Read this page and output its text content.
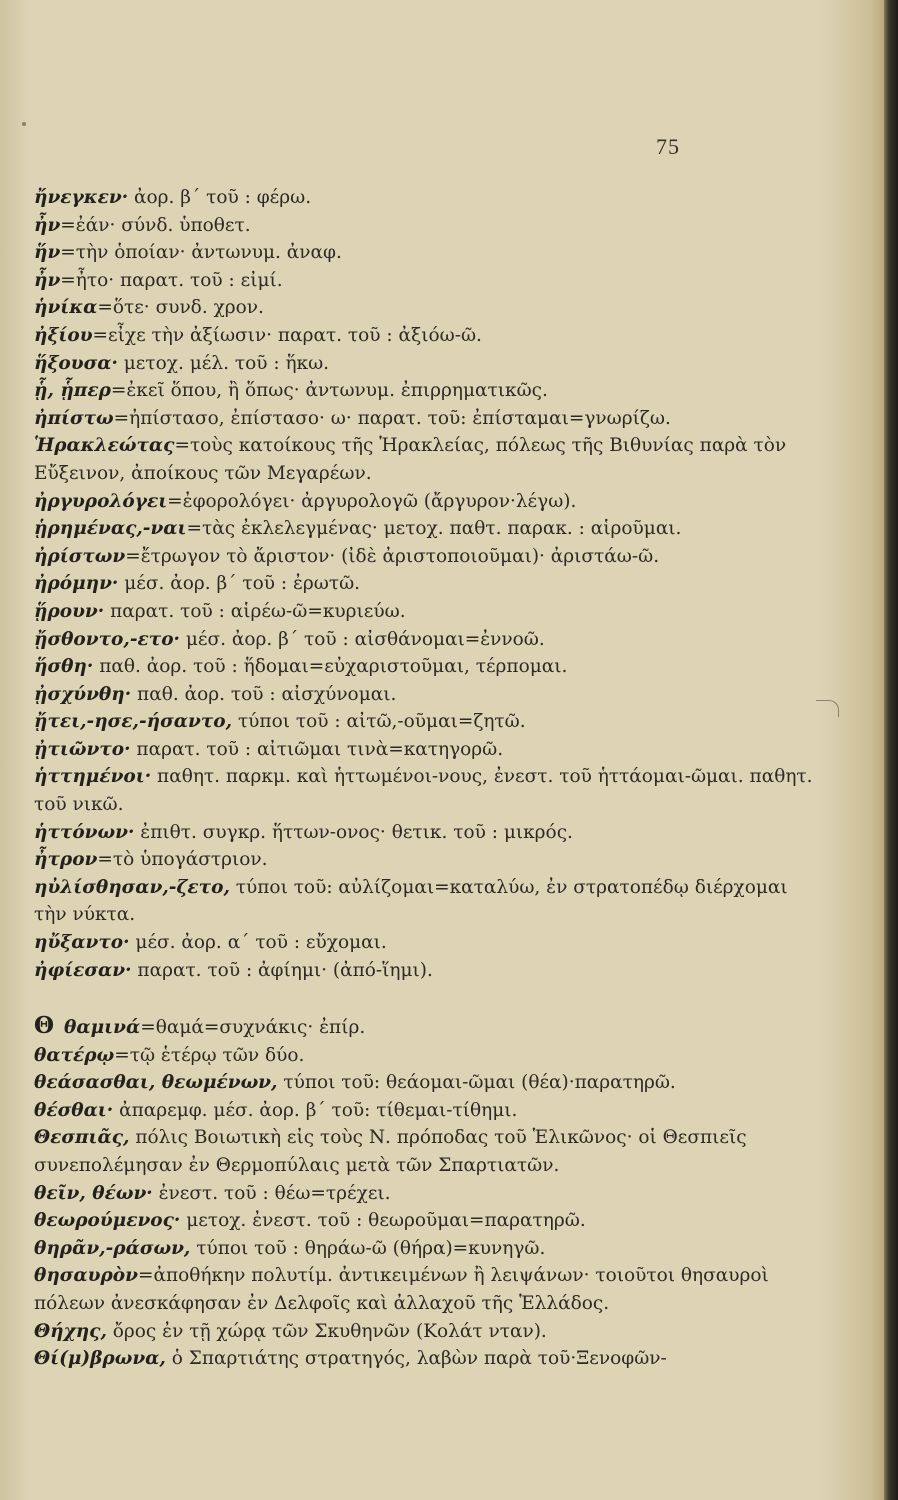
75
ἤνεγκεν· ἀορ. β΄ τοῦ : φέρω.
ἦν=ἐάν· σύνδ. ὑποθετ.
ἥν=τὴν ὁποίαν· ἀντωνυμ. ἀναφ.
ἦν=ἦτο· παρατ. τοῦ : εἰμί.
ἡνίκα=ὅτε· συνδ. χρον.
ἠξίου=εἶχε τὴν ἀξίωσιν· παρατ. τοῦ : ἀξιόω-ῶ.
ἥξουσα· μετοχ. μέλ. τοῦ : ἥκω.
ᾗ, ᾗπερ=ἐκεῖ ὅπου, ἢ ὅπως· ἀντωνυμ. ἐπιρρηματικῶς.
ἠπίστω=ἠπίστασο, ἐπίστασο· ω· παρατ. τοῦ: ἐπίσταμαι=γνωρίζω.
Ἡρακλεώτας=τοὺς κατοίκους τῆς Ἡρακλείας, πόλεως τῆς Βιθυνίας παρὰ τὸν Εὔξεινον, ἀποίκους τῶν Μεγαρέων.
ἠργυρολόγει=ἐφορολόγει· ἀργυρολογῶ (ἄργυρον·λέγω).
ᾑρημένας,-ναι=τὰς ἐκλελεγμένας· μετοχ. παθτ. παρακ. : αἱροῦμαι.
ἠρίστων=ἔτρωγον τὸ ἄριστον· (ἰδὲ ἀριστοποιοῦμαι)· ἀριστάω-ῶ.
ἠρόμην· μέσ. ἀορ. β΄ τοῦ : ἐρωτῶ.
ᾕρουν· παρατ. τοῦ : αἱρέω-ῶ=κυριεύω.
ᾔσθοντο,-ετο· μέσ. ἀορ. β΄ τοῦ : αἰσθάνομαι=ἐννοῶ.
ἥσθη· παθ. ἀορ. τοῦ : ἥδομαι=εὐχαριστοῦμαι, τέρπομαι.
ᾐσχύνθη· παθ. ἀορ. τοῦ : αἰσχύνομαι.
ᾔτει,-ησε,-ήσαντο, τύποι τοῦ : αἰτῶ,-οῦμαι=ζητῶ.
ᾐτιῶντο· παρατ. τοῦ : αἰτιῶμαι τινὰ=κατηγορῶ.
ἡττημένοι· παθητ. παρκμ. καὶ ἡττωμένοι-νους, ἐνεστ. τοῦ ἡττάομαι-ῶμαι. παθητ. τοῦ νικῶ.
ἡττόνων· ἐπιθτ. συγκρ. ἥττων-ονος· θετικ. τοῦ : μικρός.
ἦτρον=τὸ ὑπογάστριον.
ηὐλίσθησαν,-ζετο, τύποι τοῦ: αὐλίζομαι=καταλύω, ἐν στρατοπέδῳ διέρχομαι τὴν νύκτα.
ηὔξαντο· μέσ. ἀορ. α΄ τοῦ : εὔχομαι.
ἠφίεσαν· παρατ. τοῦ : ἀφίημι· (ἀπό-ἵημι).
Θ θαμινά=θαμά=συχνάκις· ἐπίρ.
θατέρῳ=τῷ ἑτέρῳ τῶν δύο.
θεάσασθαι, θεωμένων, τύποι τοῦ: θεάομαι-ῶμαι (θέα)·παρατηρῶ.
θέσθαι· ἀπαρεμφ. μέσ. ἀορ. β΄ τοῦ: τίθεμαι-τίθημι.
Θεσπιᾶς, πόλις Βοιωτικὴ εἰς τοὺς Ν. πρόποδας τοῦ Ἑλικῶνος· οἱ Θεσπιεῖς συνεπολέμησαν ἐν Θερμοπύλαις μετὰ τῶν Σπαρτιατῶν.
θεῖν, θέων· ἐνεστ. τοῦ : θέω=τρέχει.
θεωρούμενος· μετοχ. ἐνεστ. τοῦ : θεωροῦμαι=παρατηρῶ.
θηρᾶν,-ράσων, τύποι τοῦ : θηράω-ῶ (θήρα)=κυνηγῶ.
θησαυρὸν=ἀποθήκην πολυτίμ. ἀντικειμένων ἢ λειψάνων· τοιοῦτοι θησαυροὶ πόλεων ἀνεσκάφησαν ἐν Δελφοῖς καὶ ἀλλαχοῦ τῆς Ἑλλάδος.
Θήχης, ὄρος ἐν τῇ χώρᾳ τῶν Σκυθηνῶν (Κολάτ νταν).
Θί(μ)βρωνα, ὁ Σπαρτιάτης στρατηγός, λαβὼν παρὰ τοῦ·Ξενοφῶν-
